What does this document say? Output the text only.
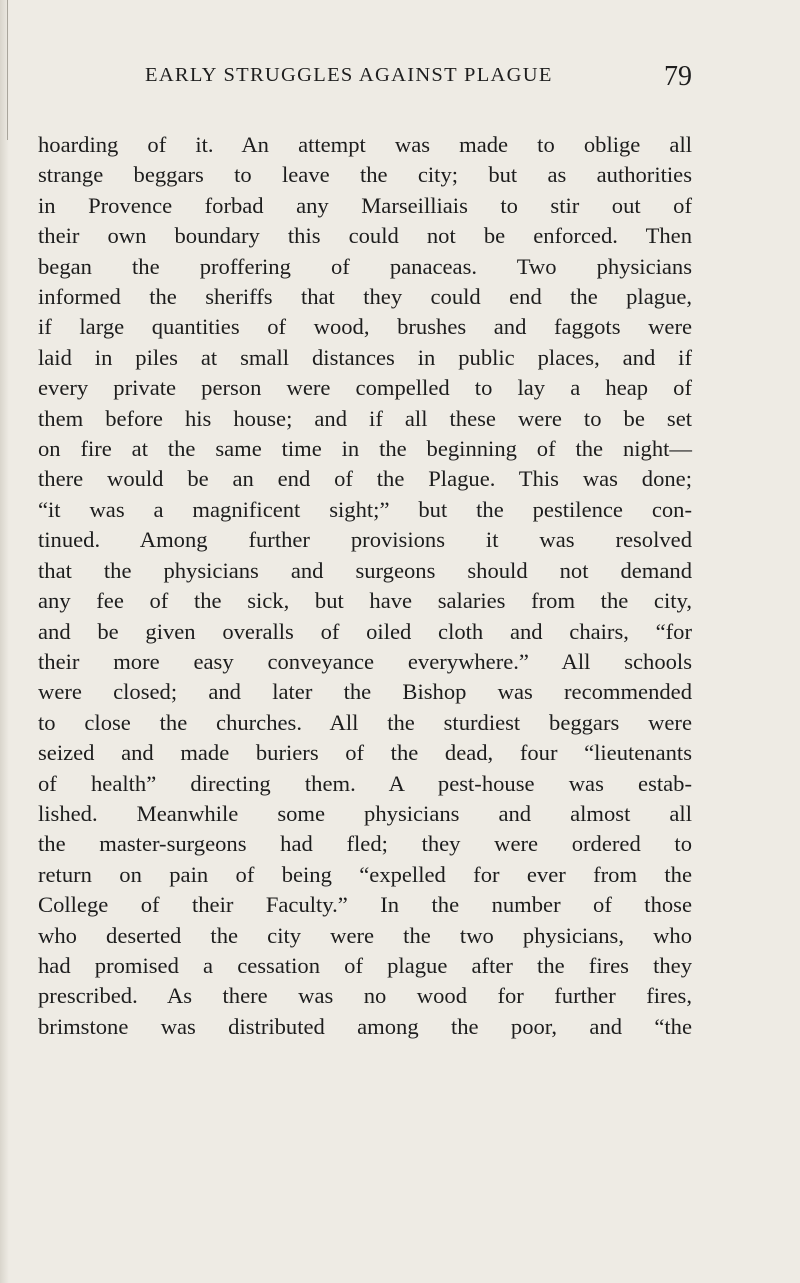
EARLY STRUGGLES AGAINST PLAGUE	79
hoarding of it. An attempt was made to oblige all
strange beggars to leave the city; but as authorities
in Provence forbad any Marseilliais to stir out of
their own boundary this could not be enforced. Then
began the proffering of panaceas. Two physicians
informed the sheriffs that they could end the plague,
if large quantities of wood, brushes and faggots were
laid in piles at small distances in public places, and if
every private person were compelled to lay a heap of
them before his house; and if all these were to be set
on fire at the same time in the beginning of the night—
there would be an end of the Plague. This was done;
“it was a magnificent sight;” but the pestilence con-
tinued. Among further provisions it was resolved
that the physicians and surgeons should not demand
any fee of the sick, but have salaries from the city,
and be given overalls of oiled cloth and chairs, “for
their more easy conveyance everywhere.” All schools
were closed; and later the Bishop was recommended
to close the churches. All the sturdiest beggars were
seized and made buriers of the dead, four “lieutenants
of health” directing them. A pest-house was estab-
lished. Meanwhile some physicians and almost all
the master-surgeons had fled; they were ordered to
return on pain of being “expelled for ever from the
College of their Faculty.” In the number of those
who deserted the city were the two physicians, who
had promised a cessation of plague after the fires they
prescribed. As there was no wood for further fires,
brimstone was distributed among the poor, and “the
